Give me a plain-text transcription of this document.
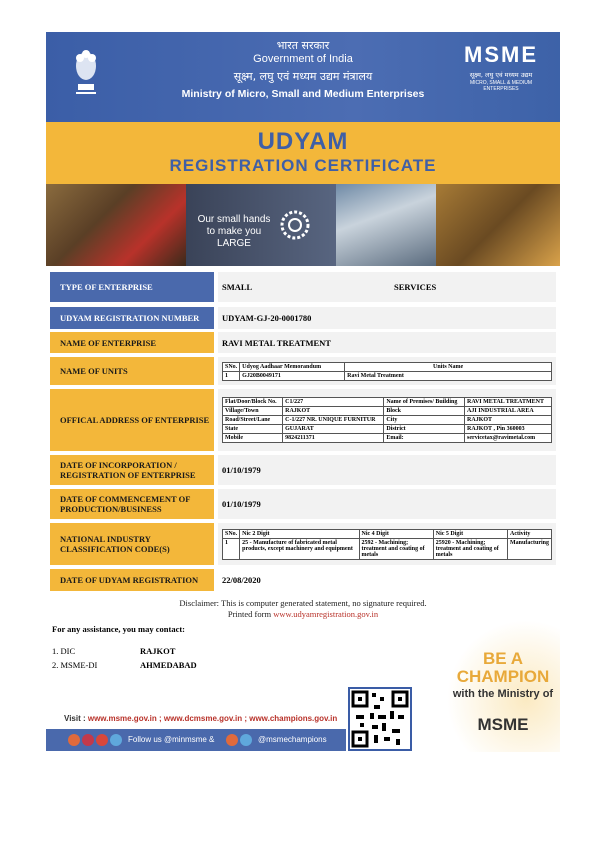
भारत सरकार
Government of India
सूक्ष्म, लघु एवं मध्यम उद्यम मंत्रालय
Ministry of Micro, Small and Medium Enterprises
MSME
सूक्ष्म, लघु एवं मध्यम उद्यम
MICRO, SMALL & MEDIUM ENTERPRISES
UDYAM
REGISTRATION CERTIFICATE
Our small hands to make you LARGE
TYPE OF ENTERPRISE	SMALL	SERVICES
UDYAM REGISTRATION NUMBER	UDYAM-GJ-20-0001780
NAME OF ENTERPRISE	RAVI METAL TREATMENT
NAME OF UNITS	SNo.	Udyog Aadhaar Memorandum	Units Name
1	GJ20B0049171	Ravi Metal Treatment
OFFICAL ADDRESS OF ENTERPRISE
Flat/Door/Block No.	C1/227	Name of Premises/ Building	RAVI METAL TREATMENT
Village/Town	RAJKOT	Block	AJI INDUSTRIAL AREA
Road/Street/Lane	C-1/227 NR. UNIQUE FURNITUR	City	RAJKOT
State	GUJARAT	District	RAJKOT , Pin 360003
Mobile	9824211371	Email:	servicetax@ravimetal.com
DATE OF INCORPORATION / REGISTRATION OF ENTERPRISE	01/10/1979
DATE OF COMMENCEMENT OF PRODUCTION/BUSINESS	01/10/1979
NATIONAL INDUSTRY CLASSIFICATION CODE(S)
SNo.	Nic 2 Digit	Nic 4 Digit	Nic 5 Digit	Activity
1	25 - Manufacture of fabricated metal products, except machinery and equipment	2592 - Machining; treatment and coating of metals	25920 - Machining; treatment and coating of metals	Manufacturing
DATE OF UDYAM REGISTRATION	22/08/2020
Disclaimer: This is computer generated statement, no signature required.
Printed form www.udyamregistration.gov.in
For any assistance, you may contact:
1. DIC	RAJKOT
2. MSME-DI	AHMEDABAD
Visit : www.msme.gov.in ; www.dcmsme.gov.in ; www.champions.gov.in
Follow us @minmsme &	@msmechampions
BE A CHAMPION
with the Ministry of
MSME
